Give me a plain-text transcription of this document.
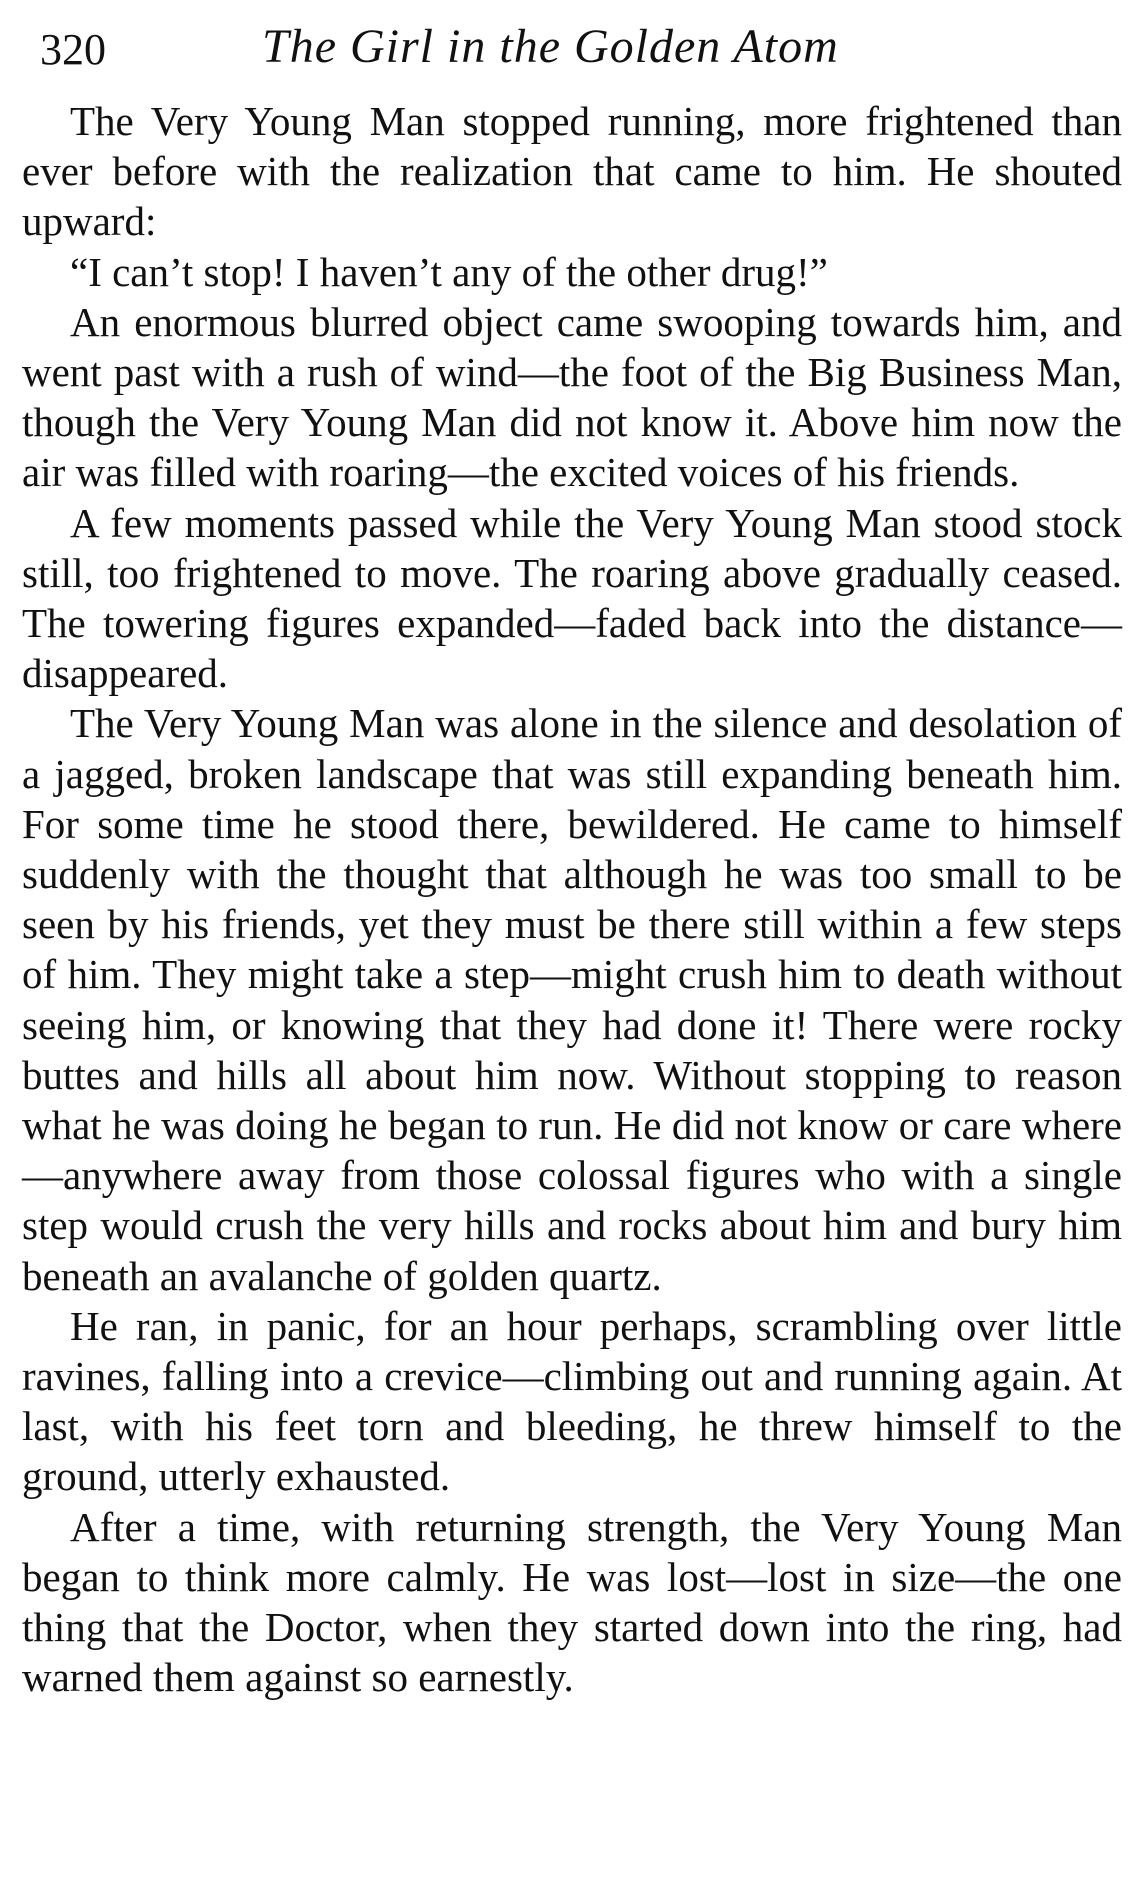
320	The Girl in the Golden Atom

The Very Young Man stopped running, more frightened than ever before with the realization that came to him. He shouted upward:

“I can’t stop! I haven’t any of the other drug!”

An enormous blurred object came swooping towards him, and went past with a rush of wind—the foot of the Big Business Man, though the Very Young Man did not know it. Above him now the air was filled with roaring—the excited voices of his friends.

A few moments passed while the Very Young Man stood stock still, too frightened to move. The roaring above gradually ceased. The towering figures expanded—faded back into the distance—disappeared.

The Very Young Man was alone in the silence and desolation of a jagged, broken landscape that was still expanding beneath him. For some time he stood there, bewildered. He came to himself suddenly with the thought that although he was too small to be seen by his friends, yet they must be there still within a few steps of him. They might take a step—might crush him to death without seeing him, or knowing that they had done it! There were rocky buttes and hills all about him now. Without stopping to reason what he was doing he began to run. He did not know or care where—anywhere away from those colossal figures who with a single step would crush the very hills and rocks about him and bury him beneath an avalanche of golden quartz.

He ran, in panic, for an hour perhaps, scrambling over little ravines, falling into a crevice—climbing out and running again. At last, with his feet torn and bleeding, he threw himself to the ground, utterly exhausted.

After a time, with returning strength, the Very Young Man began to think more calmly. He was lost—lost in size—the one thing that the Doctor, when they started down into the ring, had warned them against so earnestly.
